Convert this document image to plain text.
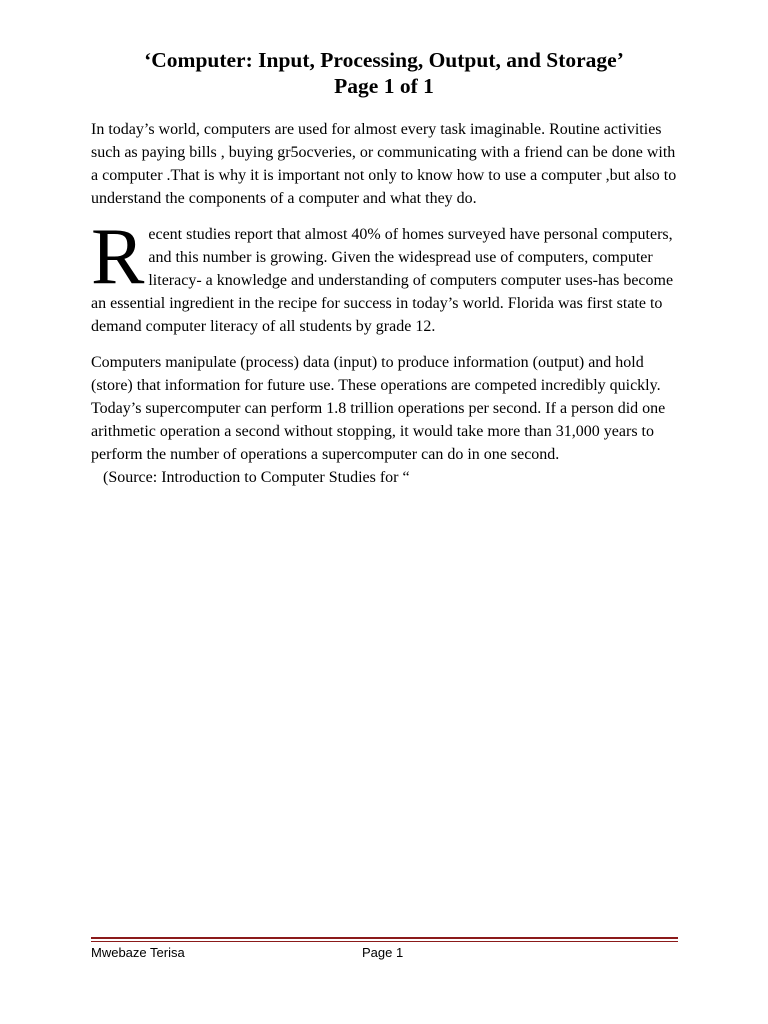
‘Computer: Input, Processing, Output, and Storage’
Page 1 of 1

In today’s world, computers are used for almost every task imaginable. Routine activities such as paying bills , buying gr5ocveries, or communicating with a friend can be done with a computer .That is why it is important not only to know how to use a computer ,but also to understand the components of a computer and what they do.

Recent studies report that almost 40% of homes surveyed have personal computers, and this number is growing. Given the widespread use of computers, computer literacy- a knowledge and understanding of computers computer uses-has become an essential ingredient in the recipe for success in today’s world. Florida was first state to demand computer literacy of all students by grade 12.

Computers manipulate (process) data (input) to produce information (output) and hold (store) that information for future use. These operations are competed incredibly quickly. Today’s supercomputer can perform 1.8 trillion operations per second. If a person did one arithmetic operation a second without stopping, it would take more than 31,000 years to perform the number of operations a supercomputer can do in one second.
(Source: Introduction to Computer Studies for “
Mwebaze Terisa	Page 1
